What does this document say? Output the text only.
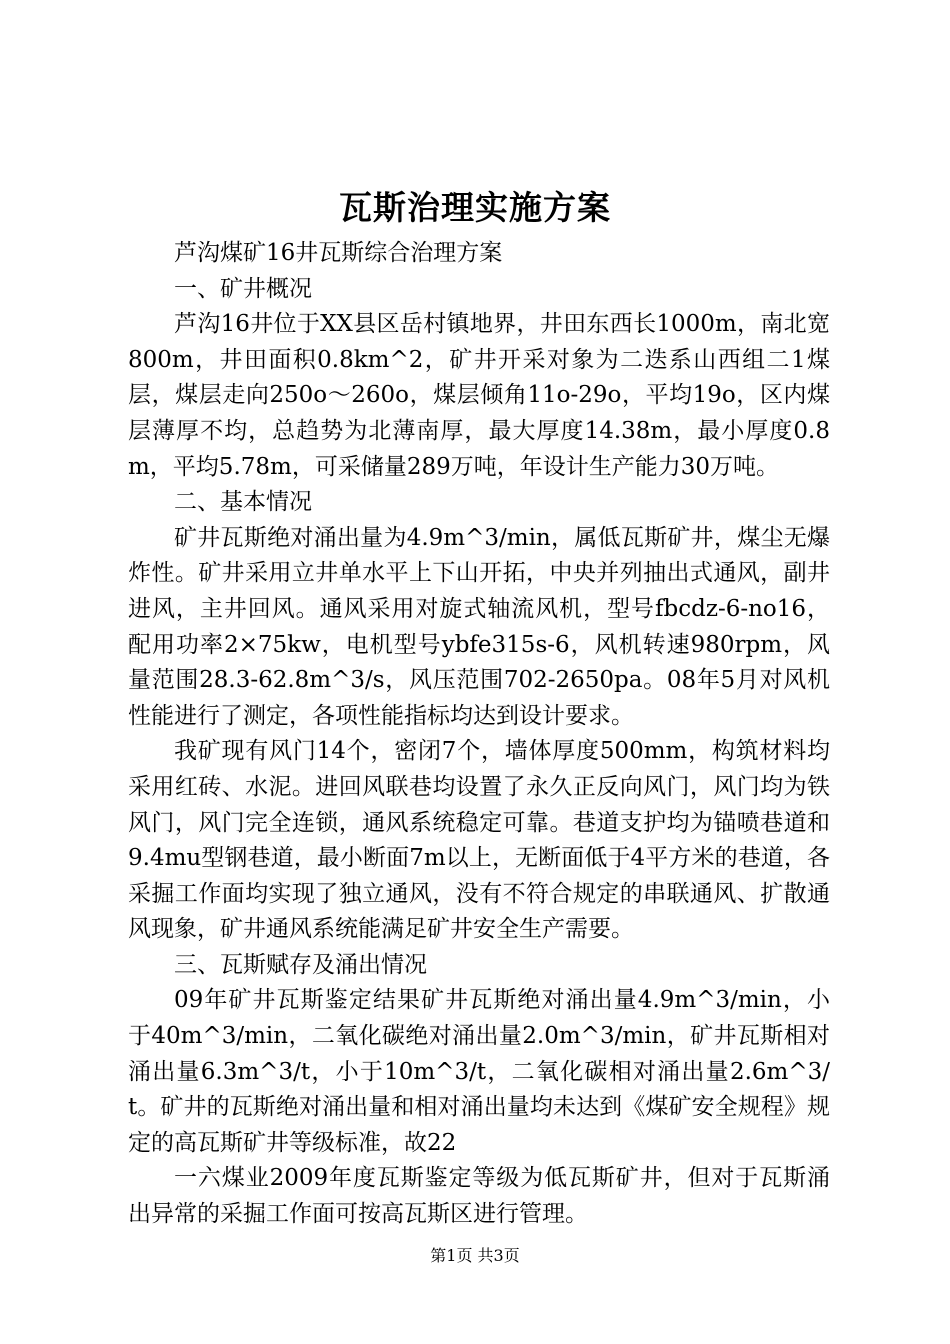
瓦斯治理实施方案

芦沟煤矿16井瓦斯综合治理方案

一、矿井概况

芦沟16井位于XX县区岳村镇地界，井田东西长1000m，南北宽800m，井田面积0.8km^2，矿井开采对象为二迭系山西组二1煤层，煤层走向250o～260o，煤层倾角11o-29o，平均19o，区内煤层薄厚不均，总趋势为北薄南厚，最大厚度14.38m，最小厚度0.8m，平均5.78m，可采储量289万吨，年设计生产能力30万吨。

二、基本情况

矿井瓦斯绝对涌出量为4.9m^3/min，属低瓦斯矿井，煤尘无爆炸性。矿井采用立井单水平上下山开拓，中央并列抽出式通风，副井进风，主井回风。通风采用对旋式轴流风机，型号fbcdz-6-no16，配用功率2×75kw，电机型号ybfe315s-6，风机转速980rpm，风量范围28.3-62.8m^3/s，风压范围702-2650pa。08年5月对风机性能进行了测定，各项性能指标均达到设计要求。

我矿现有风门14个，密闭7个，墙体厚度500mm，构筑材料均采用红砖、水泥。进回风联巷均设置了永久正反向风门，风门均为铁风门，风门完全连锁，通风系统稳定可靠。巷道支护均为锚喷巷道和9.4mu型钢巷道，最小断面7m以上，无断面低于4平方米的巷道，各采掘工作面均实现了独立通风，没有不符合规定的串联通风、扩散通风现象，矿井通风系统能满足矿井安全生产需要。

三、瓦斯赋存及涌出情况

09年矿井瓦斯鉴定结果矿井瓦斯绝对涌出量4.9m^3/min，小于40m^3/min，二氧化碳绝对涌出量2.0m^3/min，矿井瓦斯相对涌出量6.3m^3/t，小于10m^3/t，二氧化碳相对涌出量2.6m^3/t。矿井的瓦斯绝对涌出量和相对涌出量均未达到《煤矿安全规程》规定的高瓦斯矿井等级标准，故22

一六煤业2009年度瓦斯鉴定等级为低瓦斯矿井，但对于瓦斯涌出异常的采掘工作面可按高瓦斯区进行管理。

第1页 共3页
